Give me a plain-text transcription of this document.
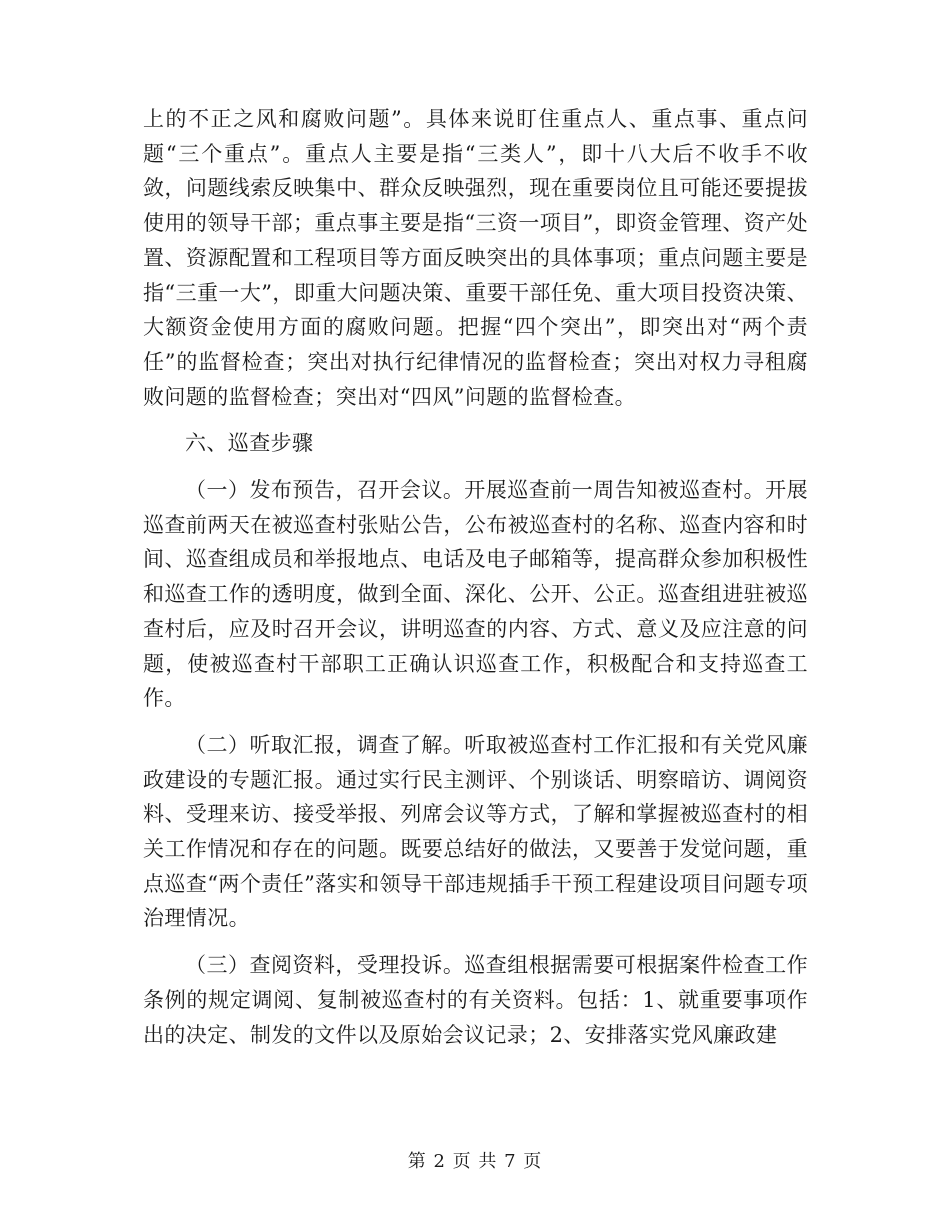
上的不正之风和腐败问题”。具体来说盯住重点人、重点事、重点问题“三个重点”。重点人主要是指“三类人”，即十八大后不收手不收敛，问题线索反映集中、群众反映强烈，现在重要岗位且可能还要提拔使用的领导干部；重点事主要是指“三资一项目”，即资金管理、资产处置、资源配置和工程项目等方面反映突出的具体事项；重点问题主要是指“三重一大”，即重大问题决策、重要干部任免、重大项目投资决策、大额资金使用方面的腐败问题。把握“四个突出”，即突出对“两个责任”的监督检查；突出对执行纪律情况的监督检查；突出对权力寻租腐败问题的监督检查；突出对“四风”问题的监督检查。

六、巡查步骤

（一）发布预告，召开会议。开展巡查前一周告知被巡查村。开展巡查前两天在被巡查村张贴公告，公布被巡查村的名称、巡查内容和时间、巡查组成员和举报地点、电话及电子邮箱等，提高群众参加积极性和巡查工作的透明度，做到全面、深化、公开、公正。巡查组进驻被巡查村后，应及时召开会议，讲明巡查的内容、方式、意义及应注意的问题，使被巡查村干部职工正确认识巡查工作，积极配合和支持巡查工作。

（二）听取汇报，调查了解。听取被巡查村工作汇报和有关党风廉政建设的专题汇报。通过实行民主测评、个别谈话、明察暗访、调阅资料、受理来访、接受举报、列席会议等方式，了解和掌握被巡查村的相关工作情况和存在的问题。既要总结好的做法，又要善于发觉问题，重点巡查“两个责任”落实和领导干部违规插手干预工程建设项目问题专项治理情况。

（三）查阅资料，受理投诉。巡查组根据需要可根据案件检查工作条例的规定调阅、复制被巡查村的有关资料。包括：1、就重要事项作出的决定、制发的文件以及原始会议记录；2、安排落实党风廉政建

第 2 页 共 7 页
